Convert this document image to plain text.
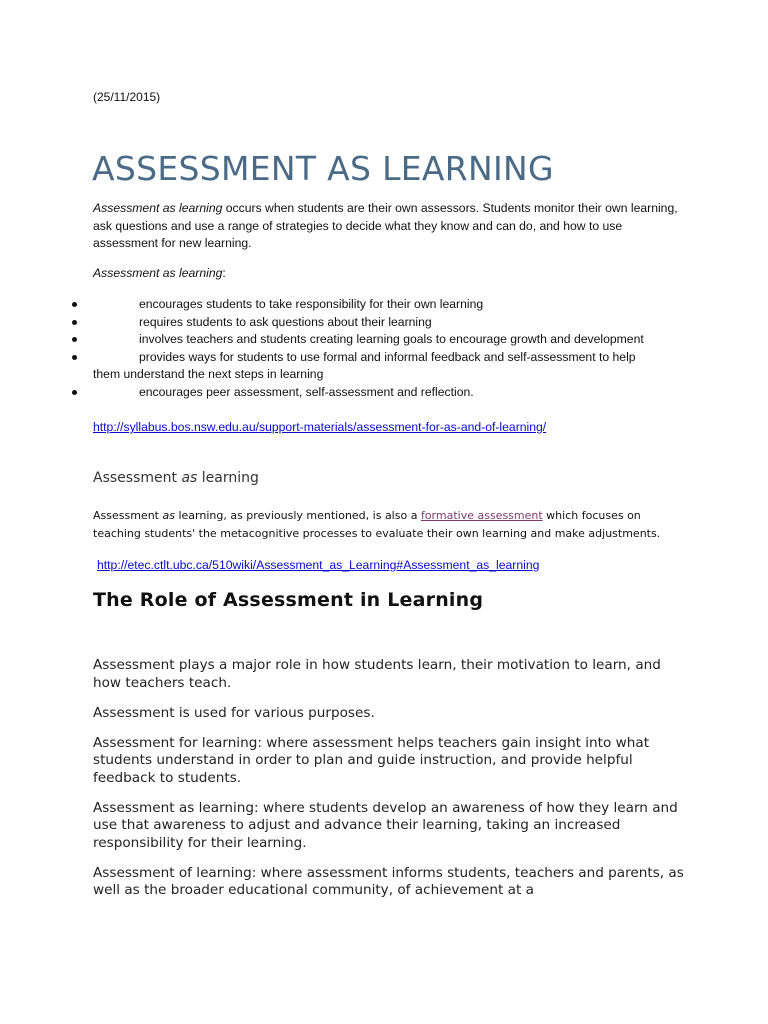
(25/11/2015)
ASSESSMENT AS LEARNING

Assessment as learning occurs when students are their own assessors. Students monitor their own learning, ask questions and use a range of strategies to decide what they know and can do, and how to use assessment for new learning.

Assessment as learning:
encourages students to take responsibility for their own learning
requires students to ask questions about their learning
involves teachers and students creating learning goals to encourage growth and development
provides ways for students to use formal and informal feedback and self-assessment to help
them understand the next steps in learning
encourages peer assessment, self-assessment and reflection.
http://syllabus.bos.nsw.edu.au/support-materials/assessment-for-as-and-of-learning/
Assessment as learning

Assessment as learning, as previously mentioned, is also a formative assessment which focuses on teaching students' the metacognitive processes to evaluate their own learning and make adjustments.

http://etec.ctlt.ubc.ca/510wiki/Assessment_as_Learning#Assessment_as_learning
The Role of Assessment in Learning

Assessment plays a major role in how students learn, their motivation to learn, and how teachers teach.

Assessment is used for various purposes.

Assessment for learning: where assessment helps teachers gain insight into what students understand in order to plan and guide instruction, and provide helpful feedback to students.

Assessment as learning: where students develop an awareness of how they learn and use that awareness to adjust and advance their learning, taking an increased responsibility for their learning.

Assessment of learning: where assessment informs students, teachers and parents, as well as the broader educational community, of achievement at a
